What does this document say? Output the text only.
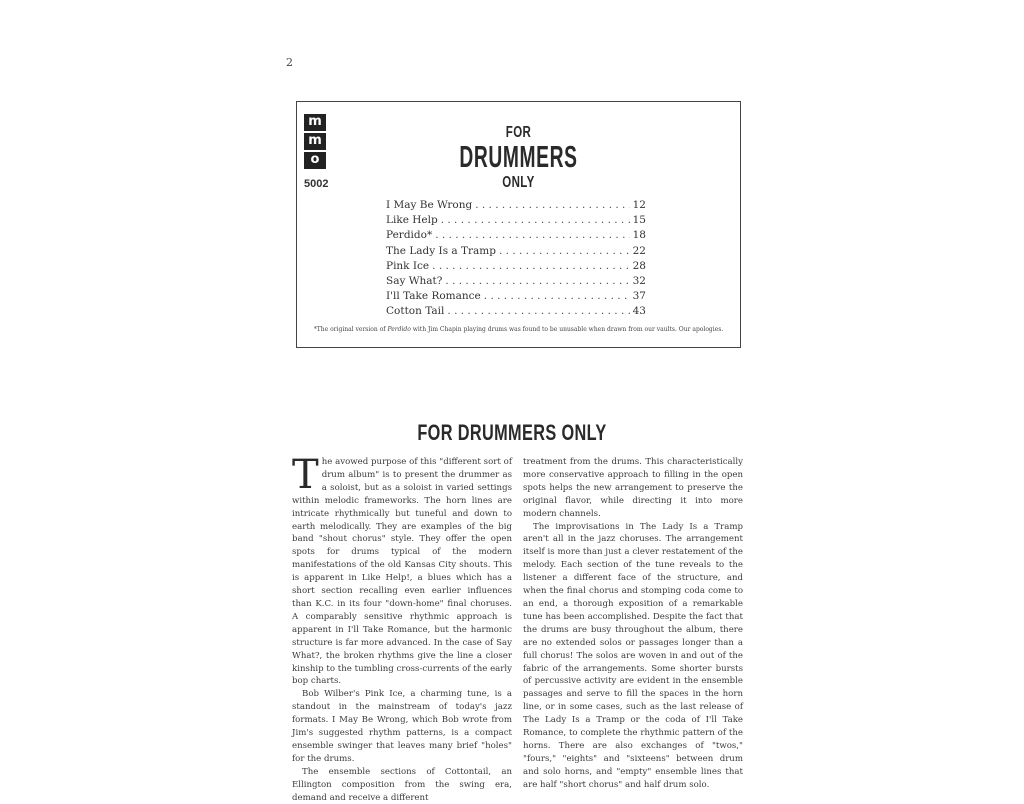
2
m
m
o
5002
FOR
DRUMMERS
ONLY
I May Be Wrong . . .	12
Like Help . . .	15
Perdido* . . .	18
The Lady Is a Tramp . . .	22
Pink Ice . . .	28
Say What? . . .	32
I'll Take Romance . . .	37
Cotton Tail . . .	43
*The original version of Perdido with Jim Chapin playing drums was found to be unusable when drawn from our vaults. Our apologies.
FOR DRUMMERS ONLY

The avowed purpose of this "different sort of drum album" is to present the drummer as a soloist, but as a soloist in varied settings within melodic frameworks. The horn lines are intricate rhythmically but tuneful and down to earth melodically. They are examples of the big band "shout chorus" style. They offer the open spots for drums typical of the modern manifestations of the old Kansas City shouts. This is apparent in Like Help!, a blues which has a short section recalling even earlier influences than K.C. in its four "down-home" final choruses. A comparably sensitive rhythmic approach is apparent in I'll Take Romance, but the harmonic structure is far more advanced. In the case of Say What?, the broken rhythms give the line a closer kinship to the tumbling cross-currents of the early bop charts.

Bob Wilber's Pink Ice, a charming tune, is a standout in the mainstream of today's jazz formats. I May Be Wrong, which Bob wrote from Jim's suggested rhythm patterns, is a compact ensemble swinger that leaves many brief "holes" for the drums.

The ensemble sections of Cottontail, an Ellington composition from the swing era, demand and receive a different

treatment from the drums. This characteristically more conservative approach to filling in the open spots helps the new arrangement to preserve the original flavor, while directing it into more modern channels.

The improvisations in The Lady Is a Tramp aren't all in the jazz choruses. The arrangement itself is more than just a clever restatement of the melody. Each section of the tune reveals to the listener a different face of the structure, and when the final chorus and stomping coda come to an end, a thorough exposition of a remarkable tune has been accomplished. Despite the fact that the drums are busy throughout the album, there are no extended solos or passages longer than a full chorus! The solos are woven in and out of the fabric of the arrangements. Some shorter bursts of percussive activity are evident in the ensemble passages and serve to fill the spaces in the horn line, or in some cases, such as the last release of The Lady Is a Tramp or the coda of I'll Take Romance, to complete the rhythmic pattern of the horns. There are also exchanges of "twos," "fours," "eights" and "sixteens" between drum and solo horns, and "empty" ensemble lines that are half "short chorus" and half drum solo.
